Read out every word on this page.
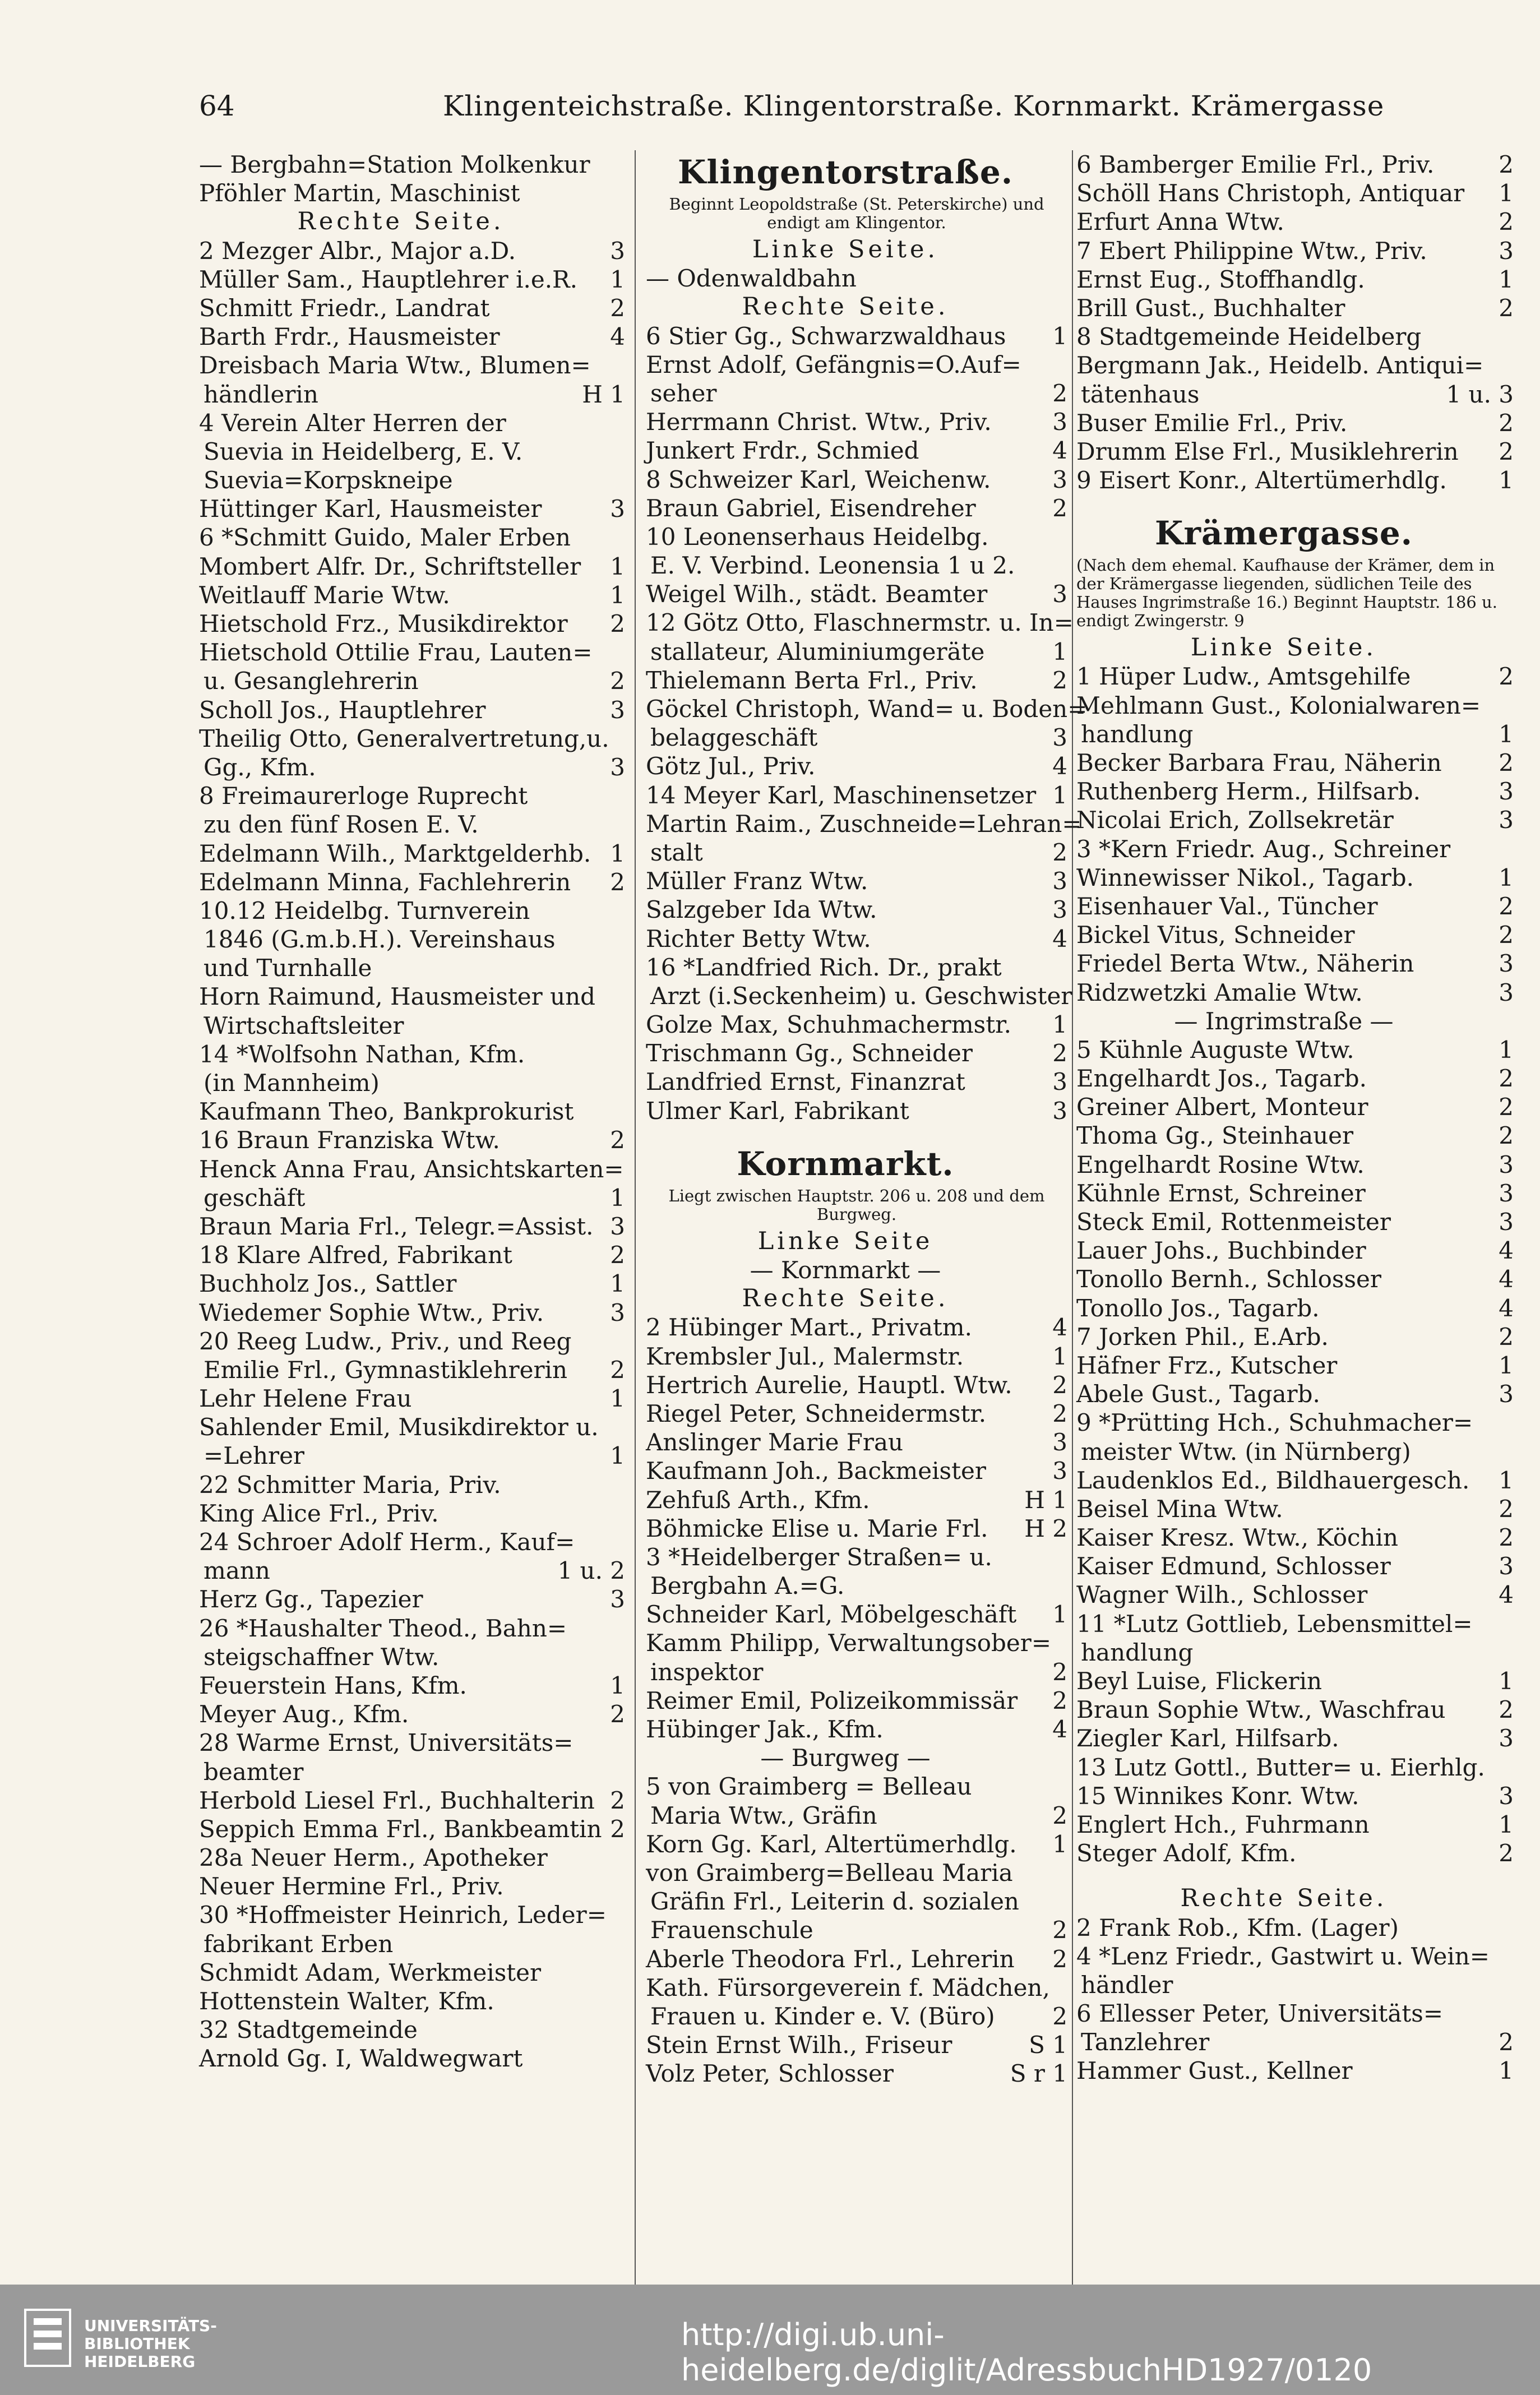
64	Klingenteichstraße. Klingentorstraße. Kornmarkt. Krämergasse
— Bergbahn=Station Molkenkur
Pföhler Martin, Maschinist
Rechte Seite.
2 Mezger Albr., Major a.D.	3
Müller Sam., Hauptlehrer i.e.R. 1
Schmitt Friedr., Landrat	2
Barth Frdr., Hausmeister	4
Dreisbach Maria Wtw., Blumen=
händlerin	H 1
4 Verein Alter Herren der
Suevia in Heidelberg, E. V.
Suevia=Korpskneipe
Hüttinger Karl, Hausmeister	3
6 *Schmitt Guido, Maler Erben
Mombert Alfr. Dr., Schriftsteller 1
Weitlauff Marie Wtw.	1
Hietschold Frz., Musikdirektor 2
Hietschold Ottilie Frau, Lauten=
u. Gesanglehrerin	2
Scholl Jos., Hauptlehrer	3
Theilig Otto, Generalvertretung,u.
Gg., Kfm.	3
8 Freimaurerloge Ruprecht
zu den fünf Rosen E. V.
Edelmann Wilh., Marktgelderhb. 1
Edelmann Minna, Fachlehrerin 2
10.12 Heidelbg. Turnverein
1846 (G.m.b.H.). Vereinshaus
und Turnhalle
Horn Raimund, Hausmeister und
Wirtschaftsleiter
14 *Wolfsohn Nathan, Kfm.
(in Mannheim)
Kaufmann Theo, Bankprokurist
16 Braun Franziska Wtw.	2
Henck Anna Frau, Ansichtskarten=
geschäft	1
Braun Maria Frl., Telegr.=Assist. 3
18 Klare Alfred, Fabrikant	2
Buchholz Jos., Sattler	1
Wiedemer Sophie Wtw., Priv.	3
20 Reeg Ludw., Priv., und Reeg
Emilie Frl., Gymnastiklehrerin 2
Lehr Helene Frau	1
Sahlender Emil, Musikdirektor u.
=Lehrer	1
22 Schmitter Maria, Priv.
King Alice Frl., Priv.
24 Schroer Adolf Herm., Kauf=
mann	1 u. 2
Herz Gg., Tapezier	3
26 *Haushalter Theod., Bahn=
steigschaffner Wtw.
Feuerstein Hans, Kfm.	1
Meyer Aug., Kfm.	2
28 Warme Ernst, Universitäts=
beamter
Herbold Liesel Frl., Buchhalterin 2
Seppich Emma Frl., Bankbeamtin 2
28a Neuer Herm., Apotheker
Neuer Hermine Frl., Priv.
30 *Hoffmeister Heinrich, Leder=
fabrikant Erben
Schmidt Adam, Werkmeister
Hottenstein Walter, Kfm.
32 Stadtgemeinde
Arnold Gg. I, Waldwegwart
Klingentorstraße.
Beginnt Leopoldstraße (St. Peterskirche) und endigt am Klingentor.
Linke Seite.
— Odenwaldbahn
Rechte Seite.
6 Stier Gg., Schwarzwaldhaus 1
Ernst Adolf, Gefängnis=O.Auf=
seher	2
Herrmann Christ. Wtw., Priv.	3
Junkert Frdr., Schmied	4
8 Schweizer Karl, Weichenw.	3
Braun Gabriel, Eisendreher	2
10 Leonenserhaus Heidelbg.
E. V. Verbind. Leonensia 1 u 2.
Weigel Wilh., städt. Beamter	3
12 Götz Otto, Flaschnermstr. u. In=
stallateur, Aluminiumgeräte	1
Thielemann Berta Frl., Priv.	2
Göckel Christoph, Wand= u. Boden=
belaggeschäft	3
Götz Jul., Priv.	4
14 Meyer Karl, Maschinensetzer 1
Martin Raim., Zuschneide=Lehran=
stalt	2
Müller Franz Wtw.	3
Salzgeber Ida Wtw.	3
Richter Betty Wtw.	4
16 *Landfried Rich. Dr., prakt
Arzt (i.Seckenheim) u. Geschwister
Golze Max, Schuhmachermstr. 1
Trischmann Gg., Schneider	2
Landfried Ernst, Finanzrat	3
Ulmer Karl, Fabrikant	3
Kornmarkt.
Liegt zwischen Hauptstr. 206 u. 208 und dem Burgweg.
Linke Seite
— Kornmarkt —
Rechte Seite.
2 Hübinger Mart., Privatm.	4
Krembsler Jul., Malermstr.	1
Hertrich Aurelie, Hauptl. Wtw. 2
Riegel Peter, Schneidermstr.	2
Anslinger Marie Frau	3
Kaufmann Joh., Backmeister	3
Zehfuß Arth., Kfm.	H 1
Böhmicke Elise u. Marie Frl. H 2
3 *Heidelberger Straßen= u.
Bergbahn A.=G.
Schneider Karl, Möbelgeschäft 1
Kamm Philipp, Verwaltungsober=
inspektor	2
Reimer Emil, Polizeikommissär 2
Hübinger Jak., Kfm.	4
— Burgweg —
5 von Graimberg = Belleau
Maria Wtw., Gräfin	2
Korn Gg. Karl, Altertümerhdlg. 1
von Graimberg=Belleau Maria
Gräfin Frl., Leiterin d. sozialen
Frauenschule	2
Aberle Theodora Frl., Lehrerin 2
Kath. Fürsorgeverein f. Mädchen,
Frauen u. Kinder e. V. (Büro) 2
Stein Ernst Wilh., Friseur	S 1
Volz Peter, Schlosser	S r 1
6 Bamberger Emilie Frl., Priv.	2
Schöll Hans Christoph, Antiquar 1
Erfurt Anna Wtw.	2
7 Ebert Philippine Wtw., Priv.	3
Ernst Eug., Stoffhandlg.	1
Brill Gust., Buchhalter	2
8 Stadtgemeinde Heidelberg
Bergmann Jak., Heidelb. Antiqui=
tätenhaus	1 u. 3
Buser Emilie Frl., Priv.	2
Drumm Else Frl., Musiklehrerin 2
9 Eisert Konr., Altertümerhdlg. 1
Krämergasse.
(Nach dem ehemal. Kaufhause der Krämer, dem in der Krämergasse liegenden, südlichen Teile des Hauses Ingrimstraße 16.) Beginnt Hauptstr. 186 u. endigt Zwingerstr. 9
Linke Seite.
1 Hüper Ludw., Amtsgehilfe	2
Mehlmann Gust., Kolonialwaren=
handlung	1
Becker Barbara Frau, Näherin 2
Ruthenberg Herm., Hilfsarb.	3
Nicolai Erich, Zollsekretär	3
3 *Kern Friedr. Aug., Schreiner
Winnewisser Nikol., Tagarb.	1
Eisenhauer Val., Tüncher	2
Bickel Vitus, Schneider	2
Friedel Berta Wtw., Näherin	3
Ridzwetzki Amalie Wtw.	3
— Ingrimstraße —
5 Kühnle Auguste Wtw.	1
Engelhardt Jos., Tagarb.	2
Greiner Albert, Monteur	2
Thoma Gg., Steinhauer	2
Engelhardt Rosine Wtw.	3
Kühnle Ernst, Schreiner	3
Steck Emil, Rottenmeister	3
Lauer Johs., Buchbinder	4
Tonollo Bernh., Schlosser	4
Tonollo Jos., Tagarb.	4
7 Jorken Phil., E.Arb.	2
Häfner Frz., Kutscher	1
Abele Gust., Tagarb.	3
9 *Prütting Hch., Schuhmacher=
meister Wtw. (in Nürnberg)
Laudenklos Ed., Bildhauergesch. 1
Beisel Mina Wtw.	2
Kaiser Kresz. Wtw., Köchin	2
Kaiser Edmund, Schlosser	3
Wagner Wilh., Schlosser	4
11 *Lutz Gottlieb, Lebensmittel=
handlung
Beyl Luise, Flickerin	1
Braun Sophie Wtw., Waschfrau 2
Ziegler Karl, Hilfsarb.	3
13 Lutz Gottl., Butter= u. Eierhlg.
15 Winnikes Konr. Wtw.	3
Englert Hch., Fuhrmann	1
Steger Adolf, Kfm.	2
Rechte Seite.
2 Frank Rob., Kfm. (Lager)
4 *Lenz Friedr., Gastwirt u. Wein=
händler
6 Ellesser Peter, Universitäts=
Tanzlehrer	2
Hammer Gust., Kellner	1
UNIVERSITÄTS-
BIBLIOTHEK
HEIDELBERG
http://digi.ub.uni-heidelberg.de/diglit/AdressbuchHD1927/0120
